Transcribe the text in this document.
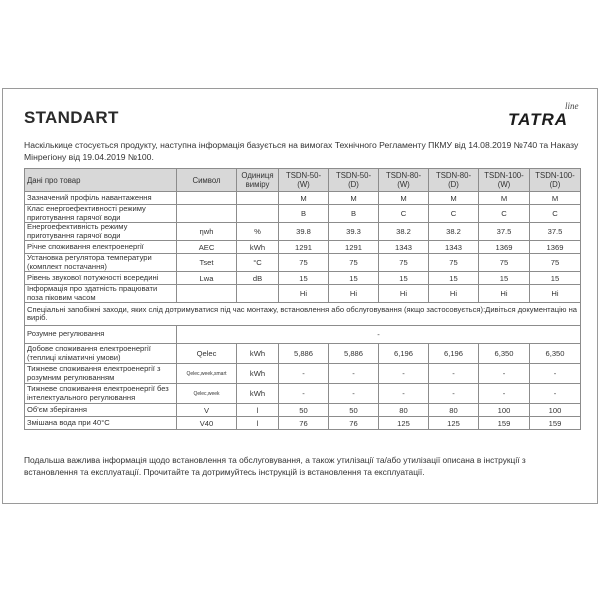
STANDART	TATRA
line

Наскількице стосується продукту, наступна інформація базується на вимогах Технічного Регламенту ПКМУ від 14.08.2019 №740 та Наказу Мінрегіону від 19.04.2019 №100.

Дані про товар	Символ	Одиниця виміру	TSDN-50-(W)	TSDN-50-(D)	TSDN-80-(W)	TSDN-80-(D)	TSDN-100-(W)	TSDN-100-(D)
Зазначений профіль навантаження			M	M	M	M	M	M
Клас енергоефективності режиму приготування гарячої води			B	B	C	C	C	C
Енергоефективність режиму приготування гарячої води	ηwh	%	39.8	39.3	38.2	38.2	37.5	37.5
Річне споживання електроенергії	AEC	kWh	1291	1291	1343	1343	1369	1369
Установка регулятора температури (комплект постачання)	Tset	°C	75	75	75	75	75	75
Рівень звукової потужності всередині	Lwa	dB	15	15	15	15	15	15
Інформація про здатність працювати поза піковим часом			Hi	Hi	Hi	Hi	Hi	Hi
Спеціальні запобіжні заходи, яких слід дотримуватися під час монтажу, встановлення або обслуговування (якщо застосовується):Дивіться документацію на виріб.								
Розумне регулювання	-							
Добове споживання електроенергії (теплиці кліматичні умови)	Qelec	kWh	5,886	5,886	6,196	6,196	6,350	6,350
Тижневе споживання електроенергії з розумним регулюванням	Qelec,week,smart	kWh	-	-	-	-	-	-
Тижневе споживання електроенергії без інтелектуального регулювання	Qelec,week	kWh	-	-	-	-	-	-
Об'єм зберігання	V	l	50	50	80	80	100	100
Змішана вода при 40°С	V40	l	76	76	125	125	159	159

Подальша важлива інформація щодо встановлення та обслуговування, а також утилізації та/або утилізації описана в інструкції з встановлення та експлуатації. Прочитайте та дотримуйтесь інструкцій із встановлення та експлуатації.
